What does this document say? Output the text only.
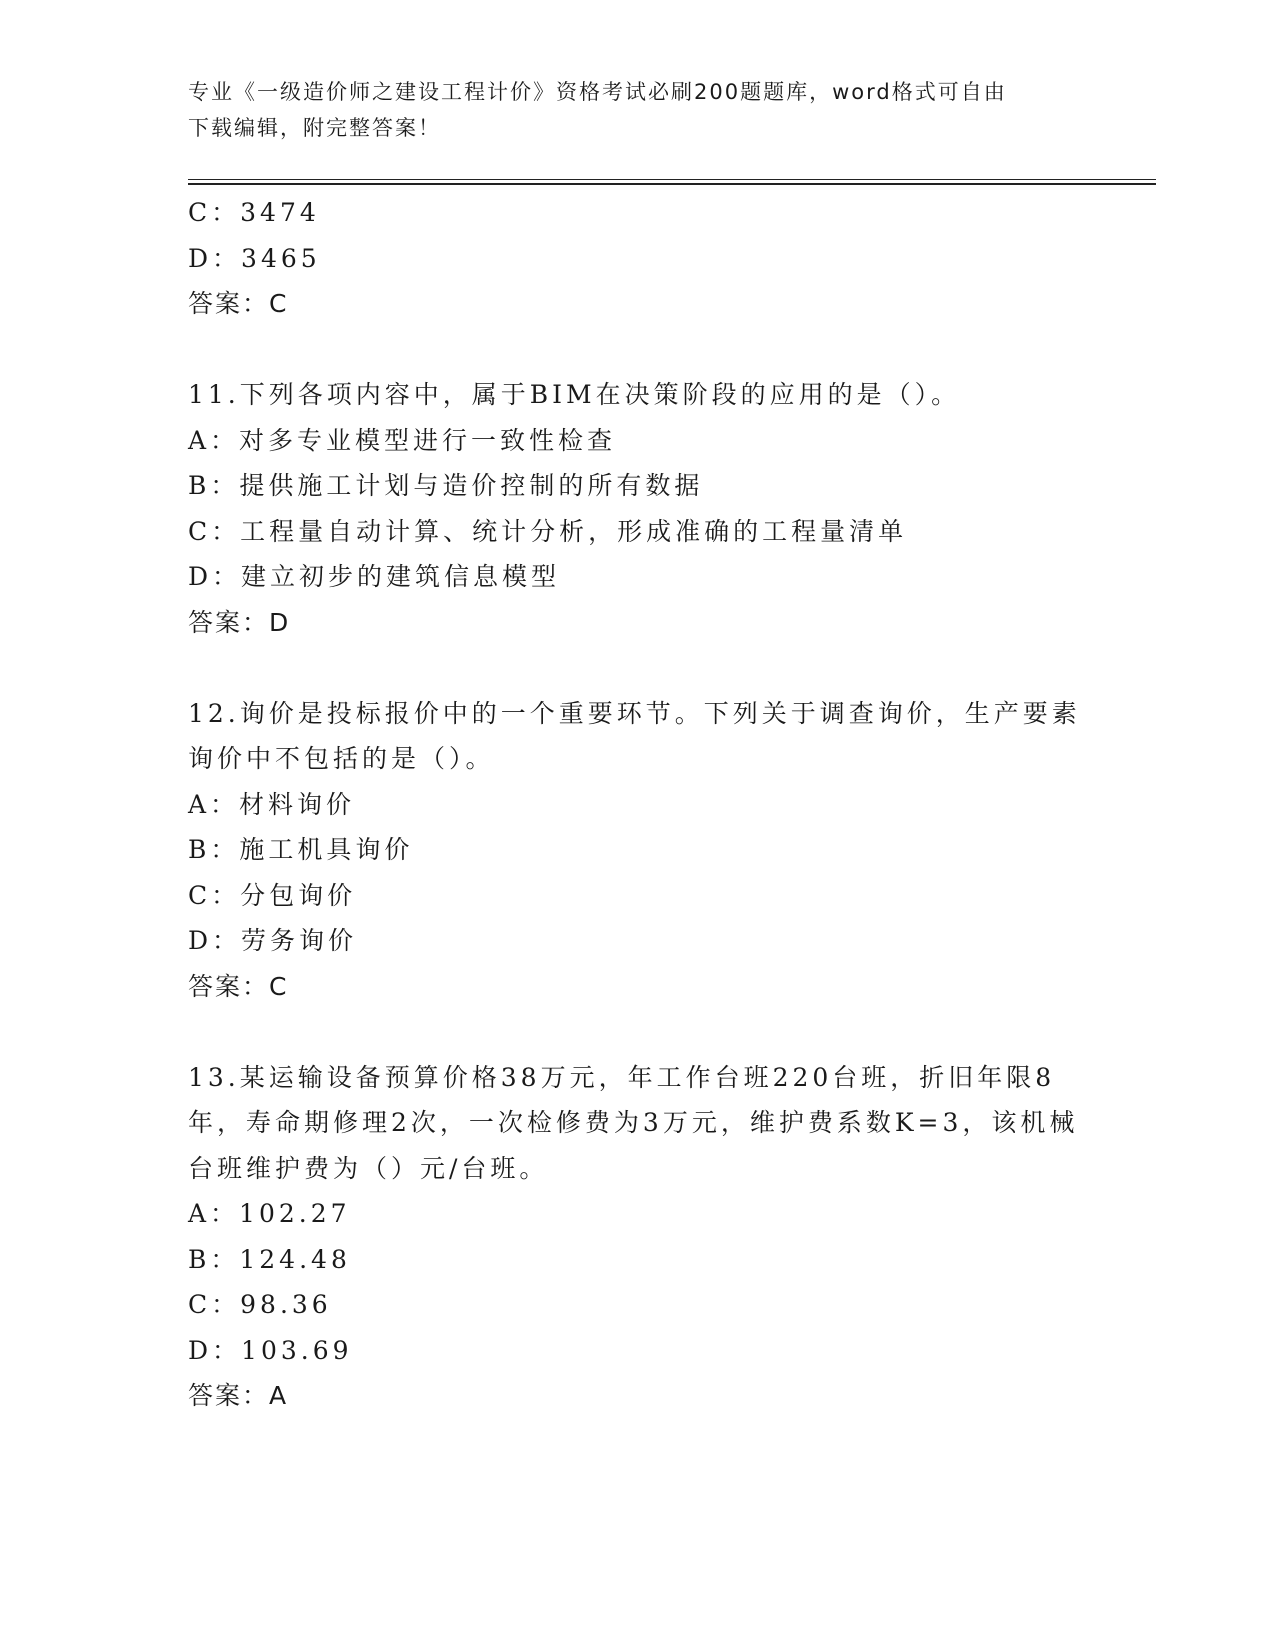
专业《一级造价师之建设工程计价》资格考试必刷200题题库，word格式可自由
下载编辑，附完整答案！
C：3474
D：3465
答案：C
11.下列各项内容中，属于BIM在决策阶段的应用的是（）。
A：对多专业模型进行一致性检查
B：提供施工计划与造价控制的所有数据
C：工程量自动计算、统计分析，形成准确的工程量清单
D：建立初步的建筑信息模型
答案：D
12.询价是投标报价中的一个重要环节。下列关于调查询价，生产要素
询价中不包括的是（）。
A：材料询价
B：施工机具询价
C：分包询价
D：劳务询价
答案：C
13.某运输设备预算价格38万元，年工作台班220台班，折旧年限8
年，寿命期修理2次，一次检修费为3万元，维护费系数K=3，该机械
台班维护费为（）元/台班。
A：102.27
B：124.48
C：98.36
D：103.69
答案：A
